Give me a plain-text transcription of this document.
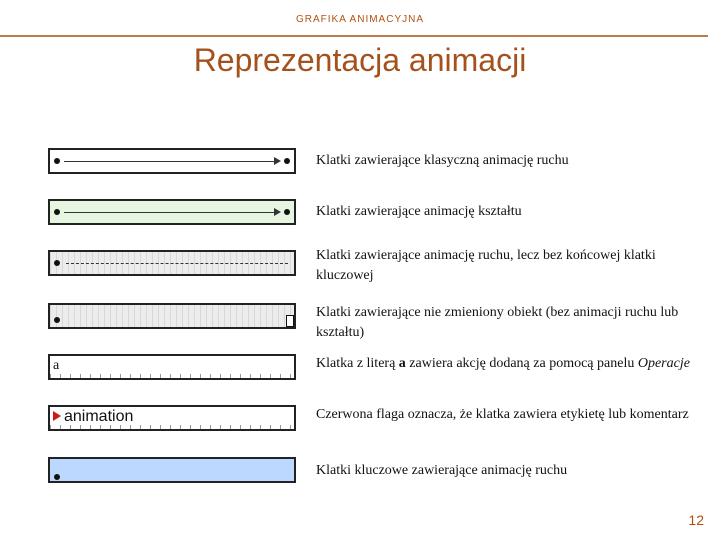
GRAFIKA ANIMACYJNA
Reprezentacja animacji
Klatki zawierające klasyczną animację ruchu
Klatki zawierające animację kształtu
Klatki zawierające animację ruchu, lecz bez końcowej klatki kluczowej
Klatki zawierające nie zmieniony obiekt (bez animacji ruchu lub kształtu)
a	Klatka z literą a zawiera akcję dodaną za pomocą panelu Operacje
animation	Czerwona flaga oznacza, że klatka zawiera etykietę lub komentarz
Klatki kluczowe zawierające animację ruchu
12
